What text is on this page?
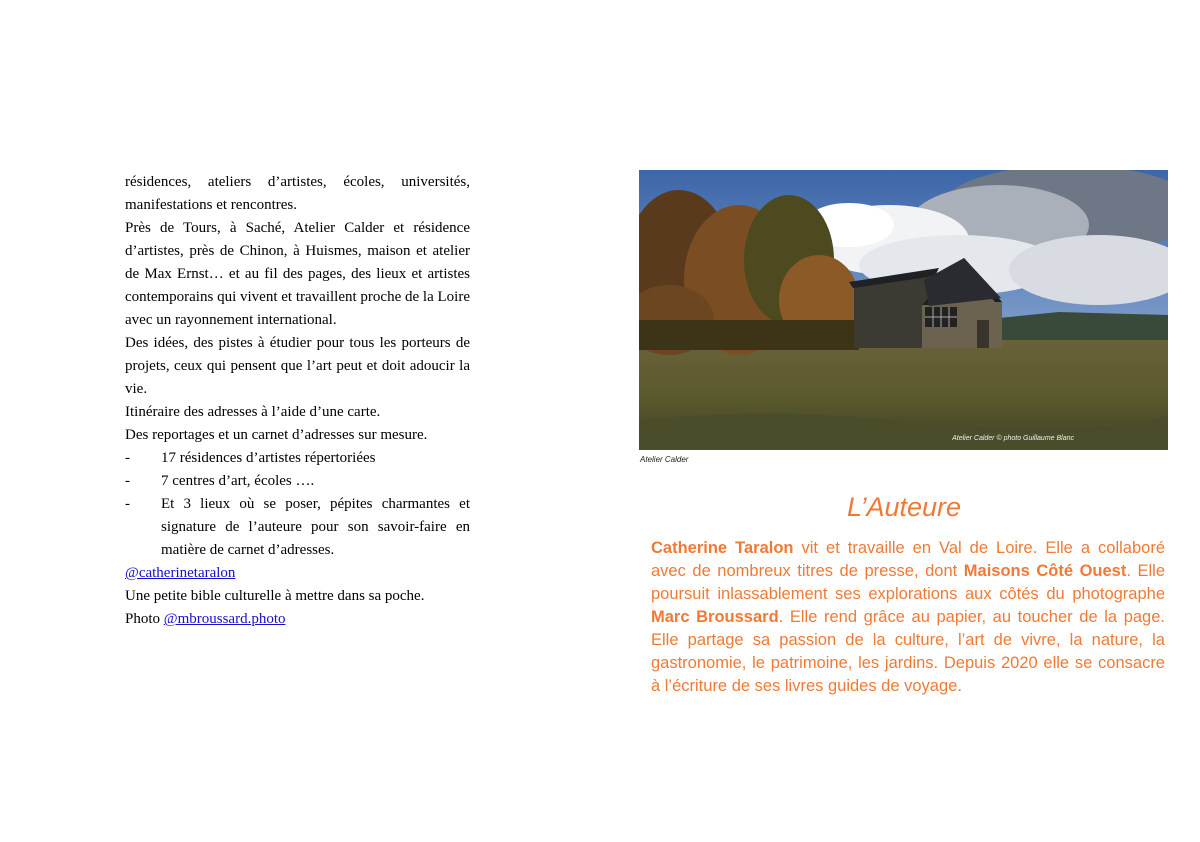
résidences, ateliers d’artistes, écoles, universités, manifestations et rencontres.

Près de Tours, à Saché, Atelier Calder et résidence d’artistes, près de Chinon, à Huismes, maison et atelier de Max Ernst… et au fil des pages, des lieux et artistes contemporains qui vivent et travaillent proche de la Loire avec un rayonnement international.

Des idées, des pistes à étudier pour tous les porteurs de projets, ceux qui pensent que l’art peut et doit adoucir la vie.

Itinéraire des adresses à l’aide d’une carte.

Des reportages et un carnet d’adresses sur mesure.

-	17 résidences d’artistes répertoriées
-	7 centres d’art, écoles ….
-	Et 3 lieux où se poser, pépites charmantes et signature de l’auteure pour son savoir-faire en matière de carnet d’adresses.

@catherinetaralon

Une petite bible culturelle à mettre dans sa poche.

Photo @mbroussard.photo

Atelier Calder © photo Guillaume Blanc
Atelier Calder
L’Auteure
Catherine Taralon vit et travaille en Val de Loire. Elle a collaboré avec de nombreux titres de presse, dont Maisons Côté Ouest. Elle poursuit inlassablement ses explorations aux côtés du photographe Marc Broussard. Elle rend grâce au papier, au toucher de la page. Elle partage sa passion de la culture, l’art de vivre, la nature, la gastronomie, le patrimoine, les jardins. Depuis 2020 elle se consacre à l’écriture de ses livres guides de voyage.
